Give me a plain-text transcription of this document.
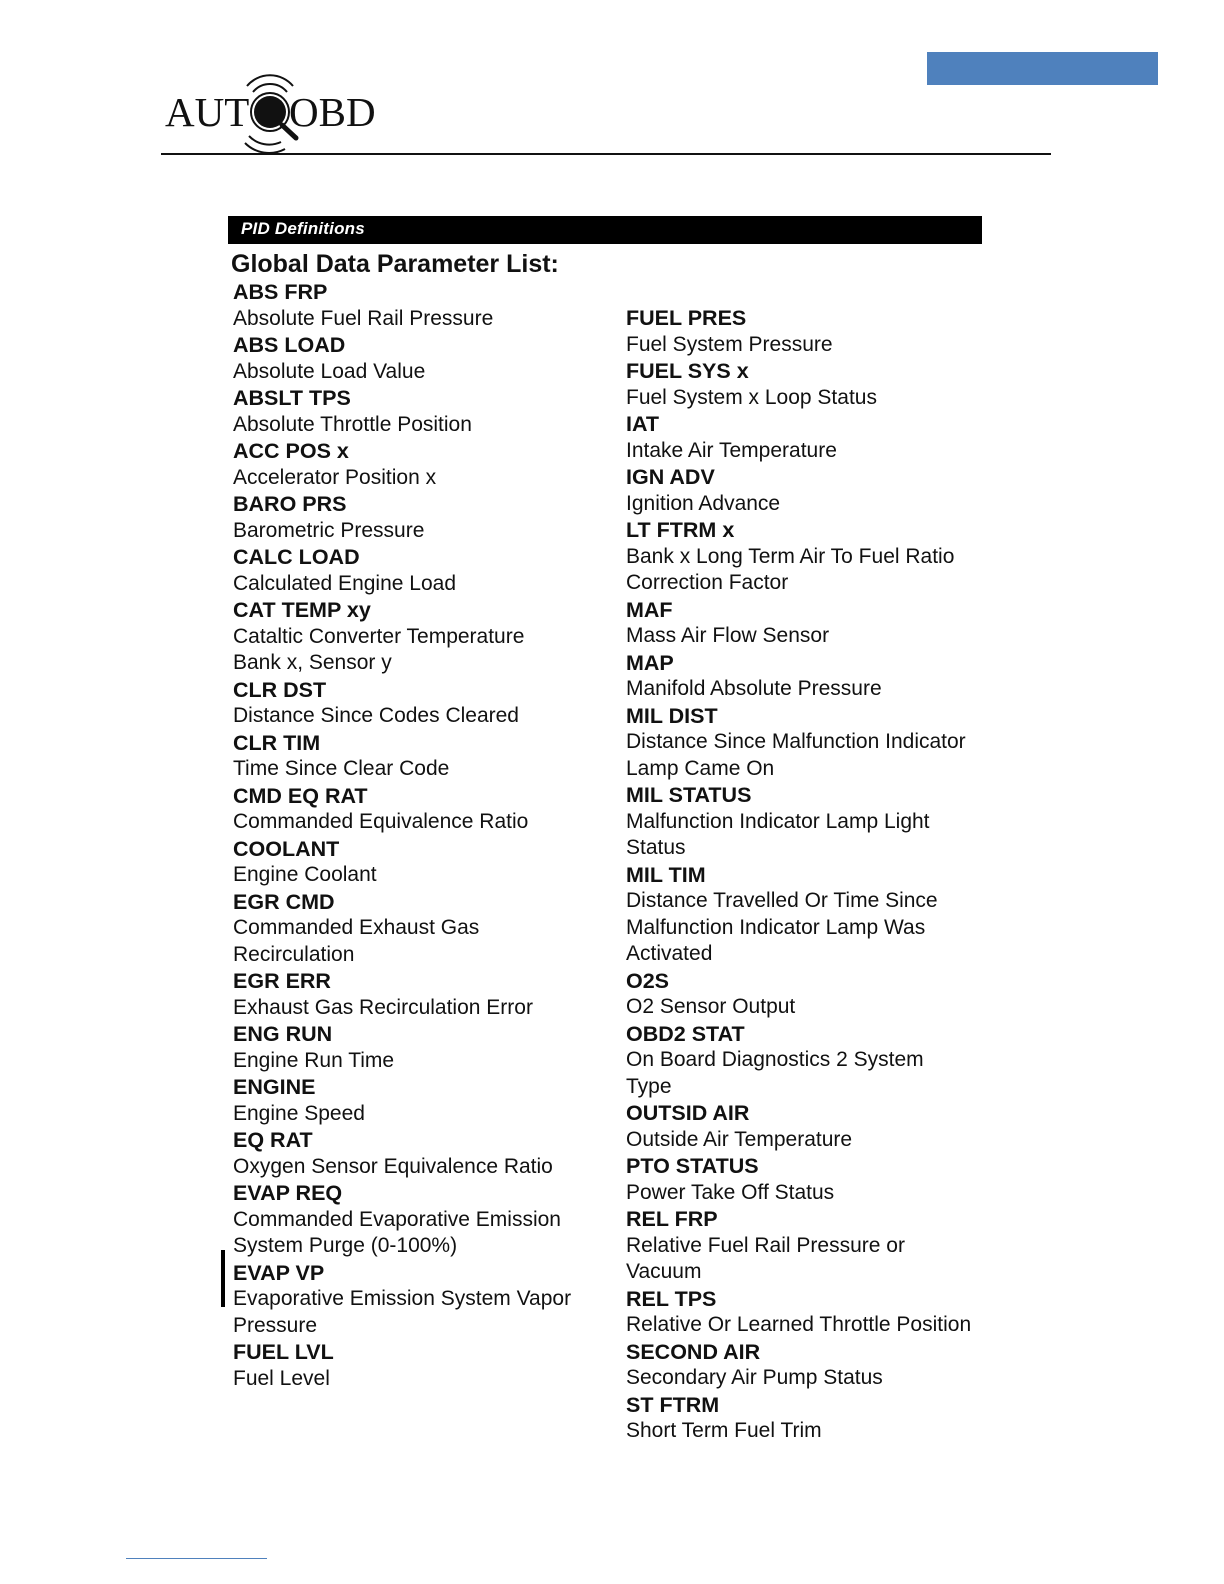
AUT OBD
PID Definitions
Global Data Parameter List:
ABS FRP
Absolute Fuel Rail Pressure
ABS LOAD
Absolute Load Value
ABSLT TPS
Absolute Throttle Position
ACC POS x
Accelerator Position x
BARO PRS
Barometric Pressure
CALC LOAD
Calculated Engine Load
CAT TEMP xy
Cataltic Converter Temperature
Bank x, Sensor y
CLR DST
Distance Since Codes Cleared
CLR TIM
Time Since Clear Code
CMD EQ RAT
Commanded Equivalence Ratio
COOLANT
Engine Coolant
EGR CMD
Commanded Exhaust Gas
Recirculation
EGR ERR
Exhaust Gas Recirculation Error
ENG RUN
Engine Run Time
ENGINE
Engine Speed
EQ RAT
Oxygen Sensor Equivalence Ratio
EVAP REQ
Commanded Evaporative Emission
System Purge (0-100%)
EVAP VP
Evaporative Emission System Vapor
Pressure
FUEL LVL
Fuel Level
FUEL PRES
Fuel System Pressure
FUEL SYS x
Fuel System x Loop Status
IAT
Intake Air Temperature
IGN ADV
Ignition Advance
LT FTRM x
Bank x Long Term Air To Fuel Ratio
Correction Factor
MAF
Mass Air Flow Sensor
MAP
Manifold Absolute Pressure
MIL DIST
Distance Since Malfunction Indicator
Lamp Came On
MIL STATUS
Malfunction Indicator Lamp Light
Status
MIL TIM
Distance Travelled Or Time Since
Malfunction Indicator Lamp Was
Activated
O2S
O2 Sensor Output
OBD2 STAT
On Board Diagnostics 2 System
Type
OUTSID AIR
Outside Air Temperature
PTO STATUS
Power Take Off Status
REL FRP
Relative Fuel Rail Pressure or
Vacuum
REL TPS
Relative Or Learned Throttle Position
SECOND AIR
Secondary Air Pump Status
ST FTRM
Short Term Fuel Trim
